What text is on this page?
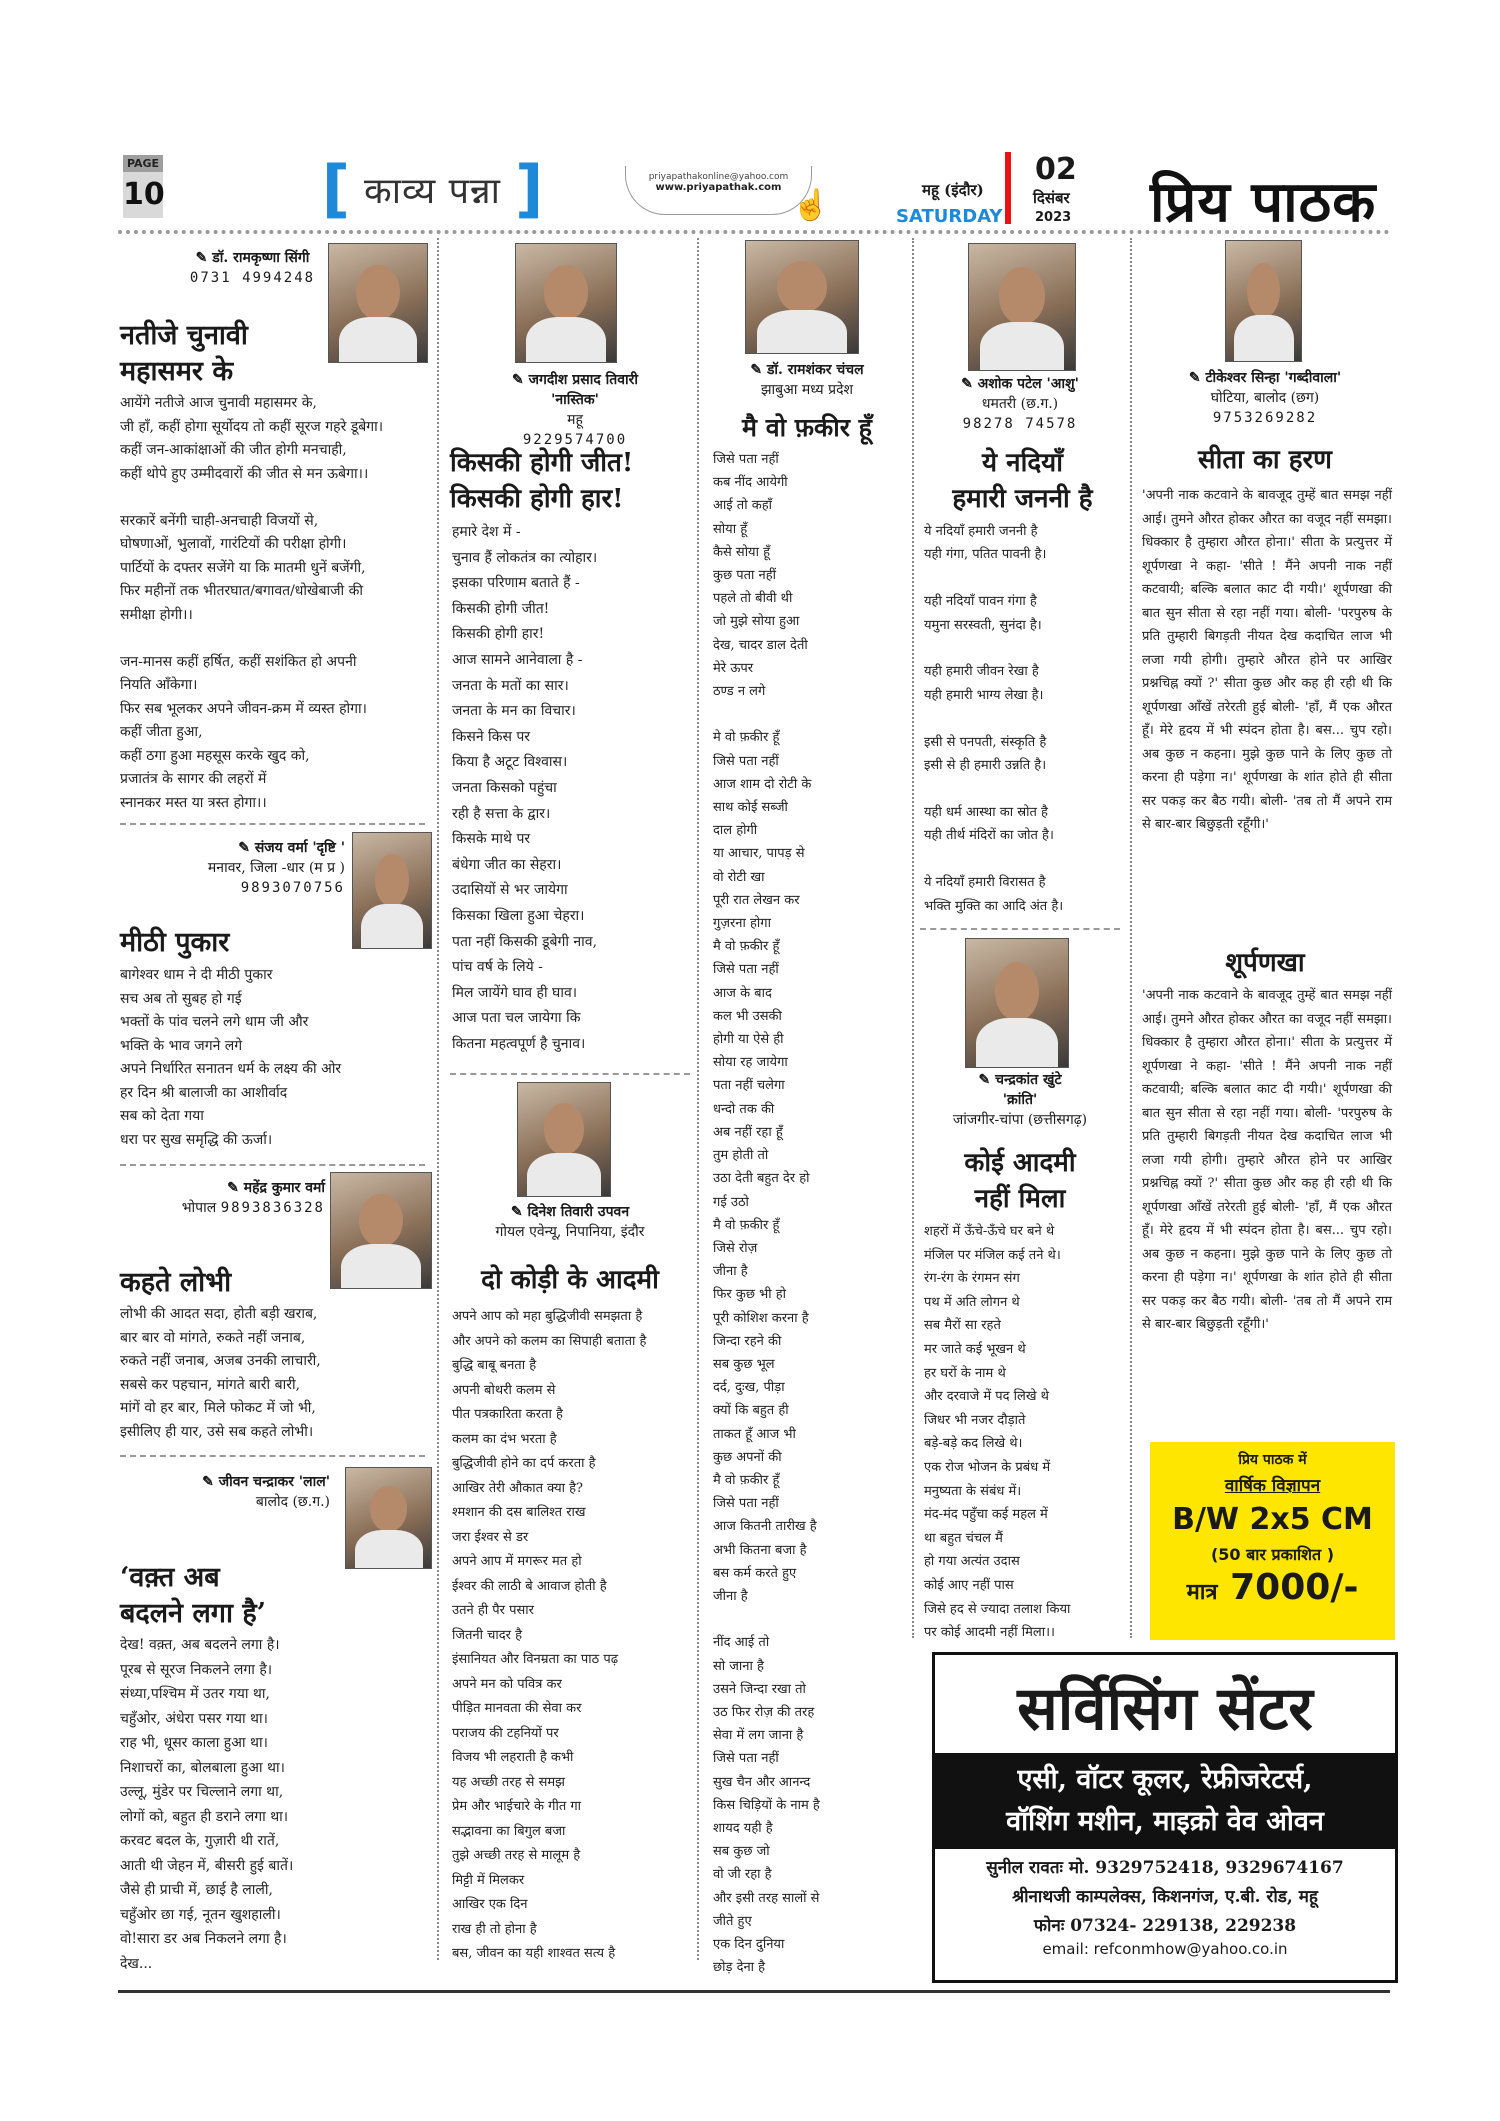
PAGE
10	[ काव्य पन्ना ]	priyapathakonline@yahoo.com
www.priyapathak.com
☝	महू (इंदौर)
SATURDAY
02
दिसंबर
2023 प्रिय पाठक
✎ डॉ. रामकृष्णा सिंगी
0731 4994248
नतीजे चुनावी
महासमर के

आयेंगे नतीजे आज चुनावी महासमर के,
जी हाँ, कहीं होगा सूर्योदय तो कहीं सूरज गहरे डूबेगा।
कहीं जन-आकांक्षाओं की जीत होगी मनचाही,
कहीं थोपे हुए उम्मीदवारों की जीत से मन ऊबेगा।।

सरकारें बनेंगी चाही-अनचाही विजयों से,
घोषणाओं, भुलावों, गारंटियों की परीक्षा होगी।
पार्टियों के दफ्तर सजेंगे या कि मातमी धुनें बजेंगी,
फिर महीनों तक भीतरघात/बगावत/धोखेबाजी की
समीक्षा होगी।।

जन-मानस कहीं हर्षित, कहीं सशंकित हो अपनी
नियति आँकेगा।
फिर सब भूलकर अपने जीवन-क्रम में व्यस्त होगा।
कहीं जीता हुआ,
कहीं ठगा हुआ महसूस करके खुद को,
प्रजातंत्र के सागर की लहरों में
स्नानकर मस्त या त्रस्त होगा।।

✎ संजय वर्मा 'दृष्टि '
मनावर, जिला -धार (म प्र )
9893070756
मीठी पुकार

बागेश्वर धाम ने दी मीठी पुकार
सच अब तो सुबह हो गई
भक्तों के पांव चलने लगे धाम जी और
भक्ति के भाव जगने लगे
अपने निर्धारित सनातन धर्म के लक्ष्य की ओर
हर दिन श्री बालाजी का आशीर्वाद
सब को देता गया
धरा पर सुख समृद्धि की ऊर्जा।

✎ महेंद्र कुमार वर्मा
भोपाल 9893836328
कहते लोभी

लोभी की आदत सदा, होती बड़ी खराब,
बार बार वो मांगते, रुकते नहीं जनाब,
रुकते नहीं जनाब, अजब उनकी लाचारी,
सबसे कर पहचान, मांगते बारी बारी,
मांगें वो हर बार, मिले फोकट में जो भी,
इसीलिए ही यार, उसे सब कहते लोभी।

✎ जीवन चन्द्राकर 'लाल'
बालोद (छ.ग.)
‘वक़्त अब
बदलने लगा है’

देख! वक़्त, अब बदलने लगा है।
पूरब से सूरज निकलने लगा है।
संध्या,पश्चिम में उतर गया था,
चहुँओर, अंधेरा पसर गया था।
राह भी, धूसर काला हुआ था।
निशाचरों का, बोलबाला हुआ था।
उल्लू, मुंडेर पर चिल्लाने लगा था,
लोगों को, बहुत ही डराने लगा था।
करवट बदल के, गुज़ारी थी रातें,
आती थी जेहन में, बीसरी हुई बातें।
जैसे ही प्राची में, छाई है लाली,
चहुँओर छा गई, नूतन खुशहाली।
वो!सारा डर अब निकलने लगा है।
देख...

✎ जगदीश प्रसाद तिवारी
'नास्तिक'
महू
9229574700
किसकी होगी जीत!
किसकी होगी हार!

हमारे देश में -
चुनाव हैं लोकतंत्र का त्योहार।
इसका परिणाम बताते हैं -
किसकी होगी जीत!
किसकी होगी हार!
आज सामने आनेवाला है -
जनता के मतों का सार।
जनता के मन का विचार।
किसने किस पर
किया है अटूट विश्वास।
जनता किसको पहुंचा
रही है सत्ता के द्वार।
किसके माथे पर
बंधेगा जीत का सेहरा।
उदासियों से भर जायेगा
किसका खिला हुआ चेहरा।
पता नहीं किसकी डूबेगी नाव,
पांच वर्ष के लिये -
मिल जायेंगे घाव ही घाव।
आज पता चल जायेगा कि
कितना महत्वपूर्ण है चुनाव।

✎ दिनेश तिवारी उपवन
गोयल एवेन्यू, निपानिया, इंदौर
दो कोड़ी के आदमी

अपने आप को महा बुद्धिजीवी समझता है
और अपने को कलम का सिपाही बताता है
बुद्धि बाबू बनता है
अपनी बोथरी कलम से
पीत पत्रकारिता करता है
कलम का दंभ भरता है
बुद्धिजीवी होने का दर्प करता है
आखिर तेरी औकात क्या है?
श्मशान की दस बालिश्त राख
जरा ईश्वर से डर
अपने आप में मगरूर मत हो
ईश्वर की लाठी बे आवाज होती है
उतने ही पैर पसार
जितनी चादर है
इंसानियत और विनम्रता का पाठ पढ़
अपने मन को पवित्र कर
पीड़ित मानवता की सेवा कर
पराजय की टहनियों पर
विजय भी लहराती है कभी
यह अच्छी तरह से समझ
प्रेम और भाईचारे के गीत गा
सद्भावना का बिगुल बजा
तुझे अच्छी तरह से मालूम है
मिट्टी में मिलकर
आखिर एक दिन
राख ही तो होना है
बस, जीवन का यही शाश्वत सत्य है

✎ डॉ. रामशंकर चंचल
झाबुआ मध्य प्रदेश
मै वो फ़कीर हूँ

जिसे पता नहीं
कब नींद आयेगी
आई तो कहाँ
सोया हूँ
कैसे सोया हूँ
कुछ पता नहीं
पहले तो बीवी थी
जो मुझे सोया हुआ
देख, चादर डाल देती
मेरे ऊपर
ठण्ड न लगे

मे वो फ़कीर हूँ
जिसे पता नहीं
आज शाम दो रोटी के
साथ कोई सब्जी
दाल होगी
या आचार, पापड़ से
वो रोटी खा
पूरी रात लेखन कर
गुज़रना होगा
मै वो फ़कीर हूँ
जिसे पता नहीं
आज के बाद
कल भी उसकी
होगी या ऐसे ही
सोया रह जायेगा
पता नहीं चलेगा
धन्दो तक की
अब नहीं रहा हूँ
तुम होती तो
उठा देती बहुत देर हो
गई उठो
मै वो फ़कीर हूँ
जिसे रोज़
जीना है
फिर कुछ भी हो
पूरी कोशिश करना है
जिन्दा रहने की
सब कुछ भूल
दर्द, दुःख, पीड़ा
क्यों कि बहुत ही
ताकत हूँ आज भी
कुछ अपनों की
मै वो फ़कीर हूँ
जिसे पता नहीं
आज कितनी तारीख है
अभी कितना बजा है
बस कर्म करते हुए
जीना है

नींद आई तो
सो जाना है
उसने जिन्दा रखा तो
उठ फिर रोज़ की तरह
सेवा में लग जाना है
जिसे पता नहीं
सुख चैन और आनन्द
किस चिड़ियों के नाम है
शायद यही है
सब कुछ जो
वो जी रहा है
और इसी तरह सालों से
जीते हुए
एक दिन दुनिया
छोड़ देना है

✎ अशोक पटेल 'आशु'
धमतरी (छ.ग.)
98278 74578
ये नदियाँ
हमारी जननी है

ये नदियाँ हमारी जननी है
यही गंगा, पतित पावनी है।

यही नदियाँ पावन गंगा है
यमुना सरस्वती, सुनंदा है।

यही हमारी जीवन रेखा है
यही हमारी भाग्य लेखा है।

इसी से पनपती, संस्कृति है
इसी से ही हमारी उन्नति है।

यही धर्म आस्था का स्रोत है
यही तीर्थ मंदिरों का जोत है।

ये नदियाँ हमारी विरासत है
भक्ति मुक्ति का आदि अंत है।

✎ चन्द्रकांत खुंटे
'क्रांति'
जांजगीर-चांपा (छत्तीसगढ़)
कोई आदमी
नहीं मिला

शहरों में ऊँचे-ऊँचे घर बने थे
मंजिल पर मंजिल कई तने थे।
रंग-रंग के रंगमन संग
पथ में अति लोगन थे
सब मैरों सा रहते
मर जाते कई भूखन थे
हर घरों के नाम थे
और दरवाजे में पद लिखे थे
जिधर भी नजर दौड़ाते
बड़े-बड़े कद लिखे थे।
एक रोज भोजन के प्रबंध में
मनुष्यता के संबंध में।
मंद-मंद पहुँचा कई महल में
था बहुत चंचल मैं
हो गया अत्यंत उदास
कोई आए नहीं पास
जिसे हद से ज्यादा तलाश किया
पर कोई आदमी नहीं मिला।।

✎ टीकेश्वर सिन्हा 'गब्दीवाला'
घोटिया, बालोद (छग)
9753269282
सीता का हरण

'अपनी नाक कटवाने के बावजूद तुम्हें बात समझ नहीं आई। तुमने औरत होकर औरत का वजूद नहीं समझा। धिक्कार है तुम्हारा औरत होना।' सीता के प्रत्युत्तर में शूर्पणखा ने कहा- 'सीते ! मैंने अपनी नाक नहीं कटवायी; बल्कि बलात काट दी गयी।' शूर्पणखा की बात सुन सीता से रहा नहीं गया। बोली- 'परपुरुष के प्रति तुम्हारी बिगड़ती नीयत देख कदाचित लाज भी लजा गयी होगी। तुम्हारे औरत होने पर आखिर प्रश्नचिह्न क्यों ?' सीता कुछ और कह ही रही थी कि शूर्पणखा आँखें तरेरती हुई बोली- 'हाँ, मैं एक औरत हूँ। मेरे हृदय में भी स्पंदन होता है। बस... चुप रहो। अब कुछ न कहना। मुझे कुछ पाने के लिए कुछ तो करना ही पड़ेगा न।' शूर्पणखा के शांत होते ही सीता सर पकड़ कर बैठ गयी। बोली- 'तब तो मैं अपने राम से बार-बार बिछुड़ती रहूँगी।'

शूर्पणखा

'अपनी नाक कटवाने के बावजूद तुम्हें बात समझ नहीं आई। तुमने औरत होकर औरत का वजूद नहीं समझा। धिक्कार है तुम्हारा औरत होना।' सीता के प्रत्युत्तर में शूर्पणखा ने कहा- 'सीते ! मैंने अपनी नाक नहीं कटवायी; बल्कि बलात काट दी गयी।' शूर्पणखा की बात सुन सीता से रहा नहीं गया। बोली- 'परपुरुष के प्रति तुम्हारी बिगड़ती नीयत देख कदाचित लाज भी लजा गयी होगी। तुम्हारे औरत होने पर आखिर प्रश्नचिह्न क्यों ?' सीता कुछ और कह ही रही थी कि शूर्पणखा आँखें तरेरती हुई बोली- 'हाँ, मैं एक औरत हूँ। मेरे हृदय में भी स्पंदन होता है। बस... चुप रहो। अब कुछ न कहना। मुझे कुछ पाने के लिए कुछ तो करना ही पड़ेगा न।' शूर्पणखा के शांत होते ही सीता सर पकड़ कर बैठ गयी। बोली- 'तब तो मैं अपने राम से बार-बार बिछुड़ती रहूँगी।'

प्रिय पाठक में
वार्षिक विज्ञापन
B/W 2x5 CM
(50 बार प्रकाशित )
मात्र 7000/-
सर्विसिंग सेंटर
एसी, वॉटर कूलर, रेफ्रीजरेटर्स,
वॉशिंग मशीन, माइक्रो वेव ओवन
सुनील रावतः मो. 9329752418, 9329674167
श्रीनाथजी काम्पलेक्स, किशनगंज, ए.बी. रोड, महू
फोनः 07324- 229138, 229238
email: refconmhow@yahoo.co.in
